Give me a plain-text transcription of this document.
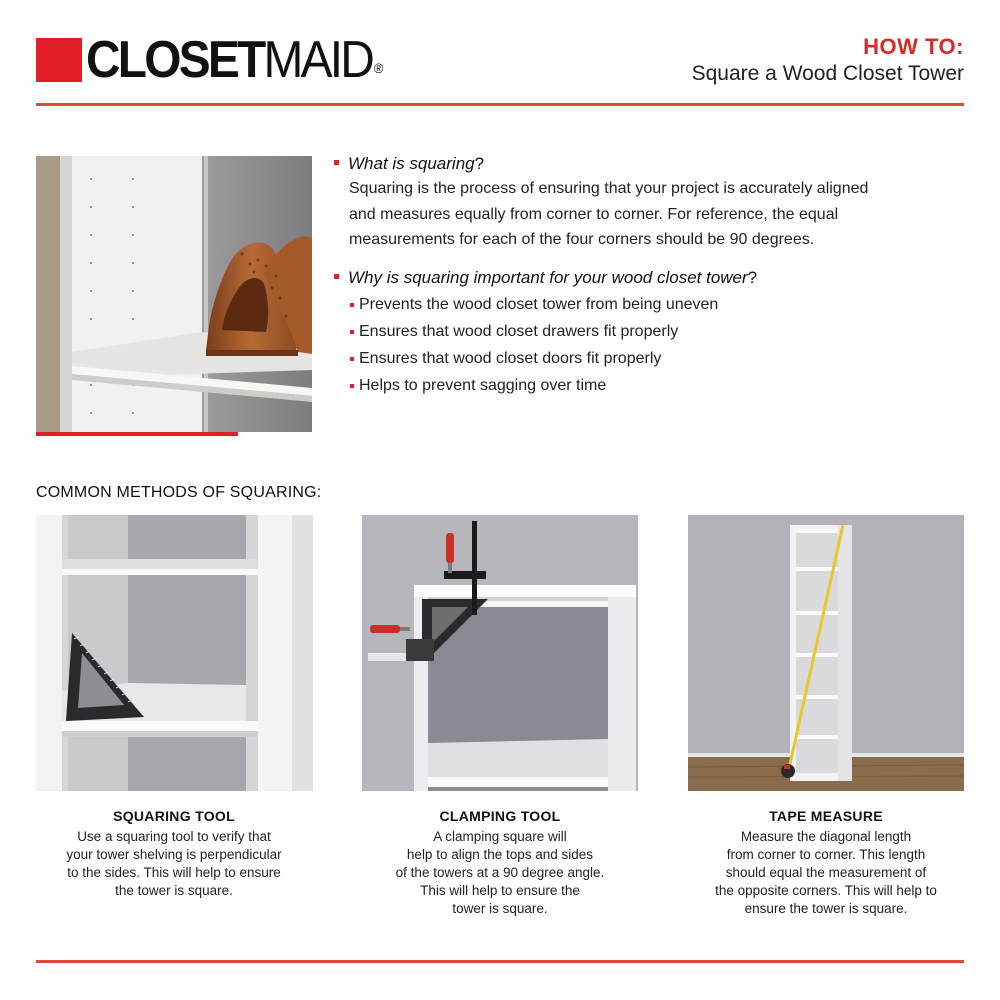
CLOSETMAID ®
HOW TO:
Square a Wood Closet Tower
What is squaring?
Squaring is the process of ensuring that your project is accurately aligned
and measures equally from corner to corner. For reference, the equal
measurements for each of the four corners should be 90 degrees.
Why is squaring important for your wood closet tower?
Prevents the wood closet tower from being uneven
Ensures that wood closet drawers fit properly
Ensures that wood closet doors fit properly
Helps to prevent sagging over time
COMMON METHODS OF SQUARING:
SQUARING TOOL
Use a squaring tool to verify that
your tower shelving is perpendicular
to the sides. This will help to ensure
the tower is square.
CLAMPING TOOL
A clamping square will
help to align the tops and sides
of the towers at a 90 degree angle.
This will help to ensure the
tower is square.
TAPE MEASURE
Measure the diagonal length
from corner to corner. This length
should equal the measurement of
the opposite corners. This will help to
ensure the tower is square.
